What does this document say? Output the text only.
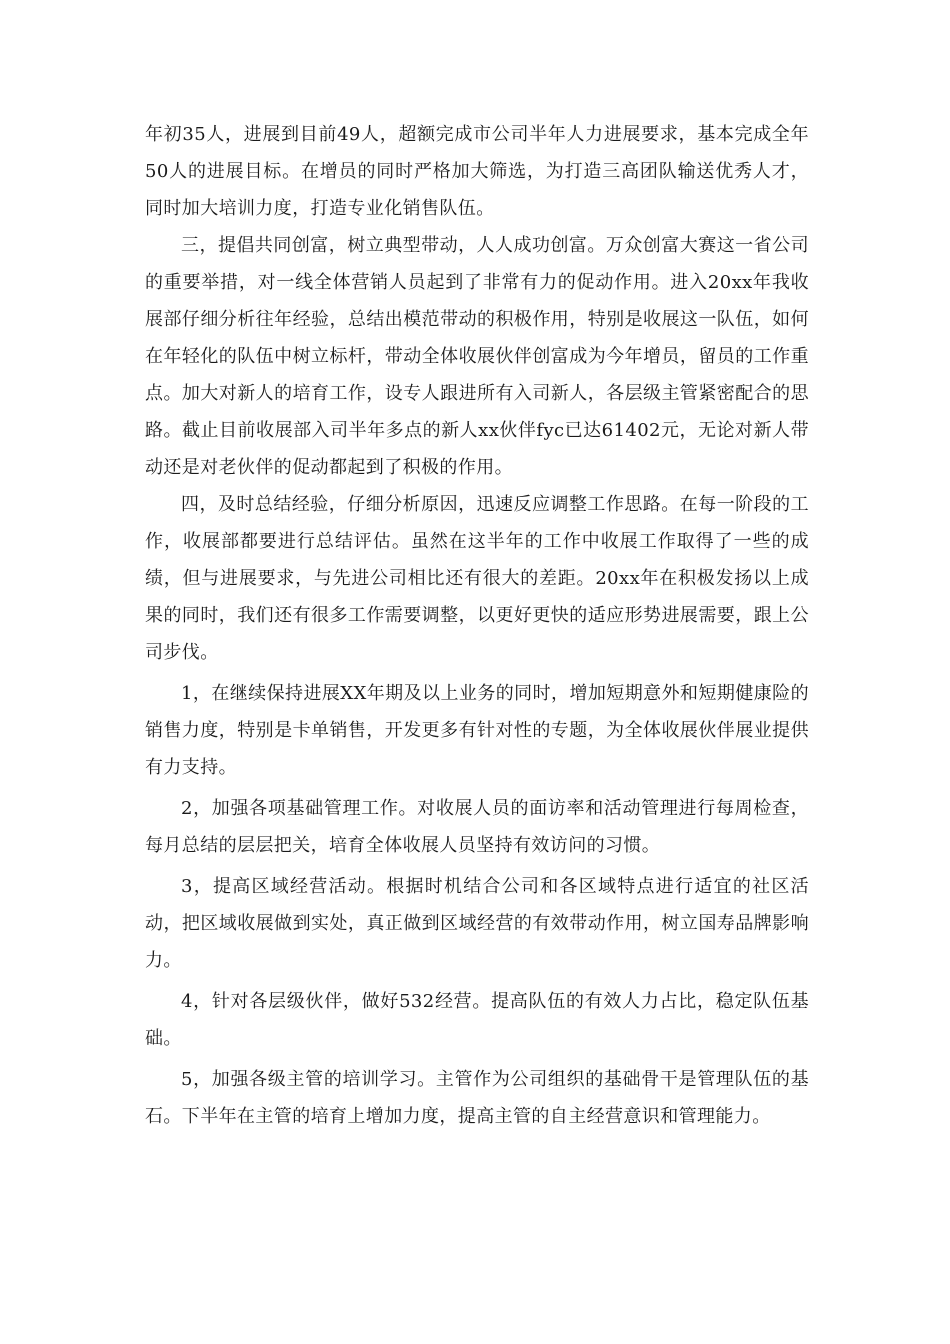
年初35人，进展到目前49人，超额完成市公司半年人力进展要求，基本完成全年50人的进展目标。在增员的同时严格加大筛选，为打造三高团队输送优秀人才，同时加大培训力度，打造专业化销售队伍。

三，提倡共同创富，树立典型带动，人人成功创富。万众创富大赛这一省公司的重要举措，对一线全体营销人员起到了非常有力的促动作用。进入20xx年我收展部仔细分析往年经验，总结出模范带动的积极作用，特别是收展这一队伍，如何在年轻化的队伍中树立标杆，带动全体收展伙伴创富成为今年增员，留员的工作重点。加大对新人的培育工作，设专人跟进所有入司新人，各层级主管紧密配合的思路。截止目前收展部入司半年多点的新人xx伙伴fyc已达61402元，无论对新人带动还是对老伙伴的促动都起到了积极的作用。

四，及时总结经验，仔细分析原因，迅速反应调整工作思路。在每一阶段的工作，收展部都要进行总结评估。虽然在这半年的工作中收展工作取得了一些的成绩，但与进展要求，与先进公司相比还有很大的差距。20xx年在积极发扬以上成果的同时，我们还有很多工作需要调整，以更好更快的适应形势进展需要，跟上公司步伐。

1，在继续保持进展XX年期及以上业务的同时，增加短期意外和短期健康险的销售力度，特别是卡单销售，开发更多有针对性的专题，为全体收展伙伴展业提供有力支持。

2，加强各项基础管理工作。对收展人员的面访率和活动管理进行每周检查，每月总结的层层把关，培育全体收展人员坚持有效访问的习惯。

3，提高区域经营活动。根据时机结合公司和各区域特点进行适宜的社区活动，把区域收展做到实处，真正做到区域经营的有效带动作用，树立国寿品牌影响力。

4，针对各层级伙伴，做好532经营。提高队伍的有效人力占比，稳定队伍基础。

5，加强各级主管的培训学习。主管作为公司组织的基础骨干是管理队伍的基石。下半年在主管的培育上增加力度，提高主管的自主经营意识和管理能力。
